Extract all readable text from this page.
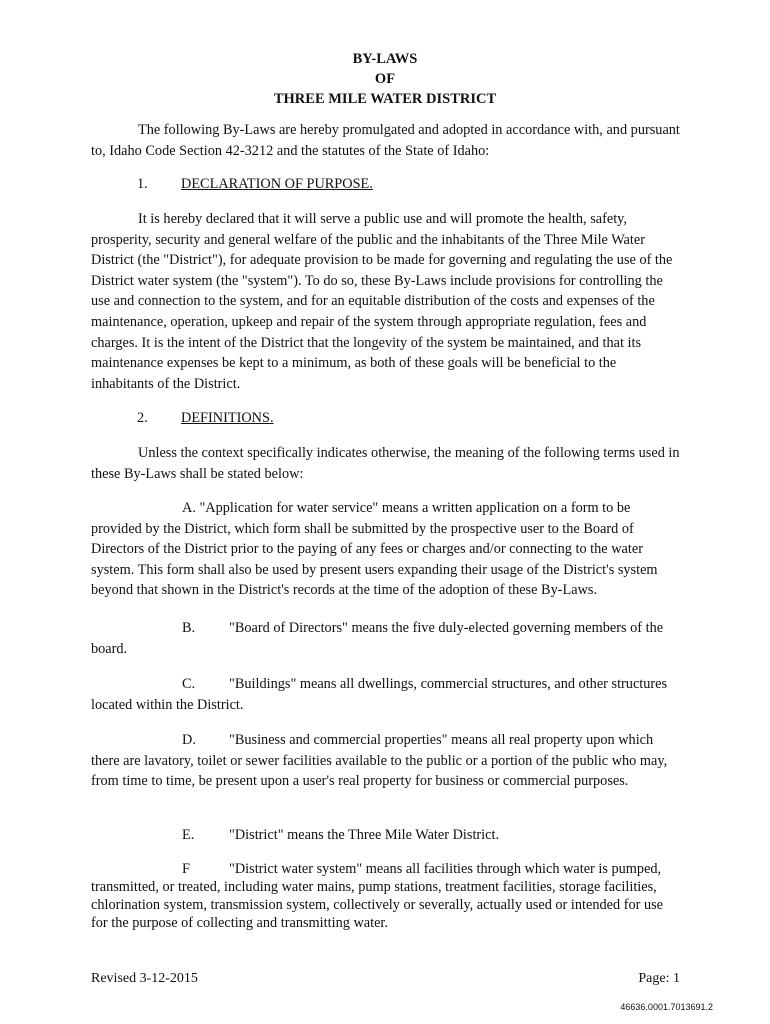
BY-LAWS
OF
THREE MILE WATER DISTRICT

The following By-Laws are hereby promulgated and adopted in accordance with, and pursuant to, Idaho Code Section 42-3212 and the statutes of the State of Idaho:

1. DECLARATION OF PURPOSE.

It is hereby declared that it will serve a public use and will promote the health, safety, prosperity, security and general welfare of the public and the inhabitants of the Three Mile Water District (the "District"), for adequate provision to be made for governing and regulating the use of the District water system (the "system"). To do so, these By-Laws include provisions for controlling the use and connection to the system, and for an equitable distribution of the costs and expenses of the maintenance, operation, upkeep and repair of the system through appropriate regulation, fees and charges. It is the intent of the District that the longevity of the system be maintained, and that its maintenance expenses be kept to a minimum, as both of these goals will be beneficial to the inhabitants of the District.

2. DEFINITIONS.

Unless the context specifically indicates otherwise, the meaning of the following terms used in these By-Laws shall be stated below:

A. "Application for water service" means a written application on a form to be provided by the District, which form shall be submitted by the prospective user to the Board of Directors of the District prior to the paying of any fees or charges and/or connecting to the water system. This form shall also be used by present users expanding their usage of the District's system beyond that shown in the District's records at the time of the adoption of these By-Laws.

B. "Board of Directors" means the five duly-elected governing members of the board.

C. "Buildings" means all dwellings, commercial structures, and other structures located within the District.

D. "Business and commercial properties" means all real property upon which there are lavatory, toilet or sewer facilities available to the public or a portion of the public who may, from time to time, be present upon a user's real property for business or commercial purposes.

E. "District" means the Three Mile Water District.

F	"District water system" means all facilities through which water is pumped, transmitted, or treated, including water mains, pump stations, treatment facilities, storage facilities, chlorination system, transmission system, collectively or severally, actually used or intended for use for the purpose of collecting and transmitting water.

Revised 3-12-2015	Page: 1
46636.0001.7013691.2
